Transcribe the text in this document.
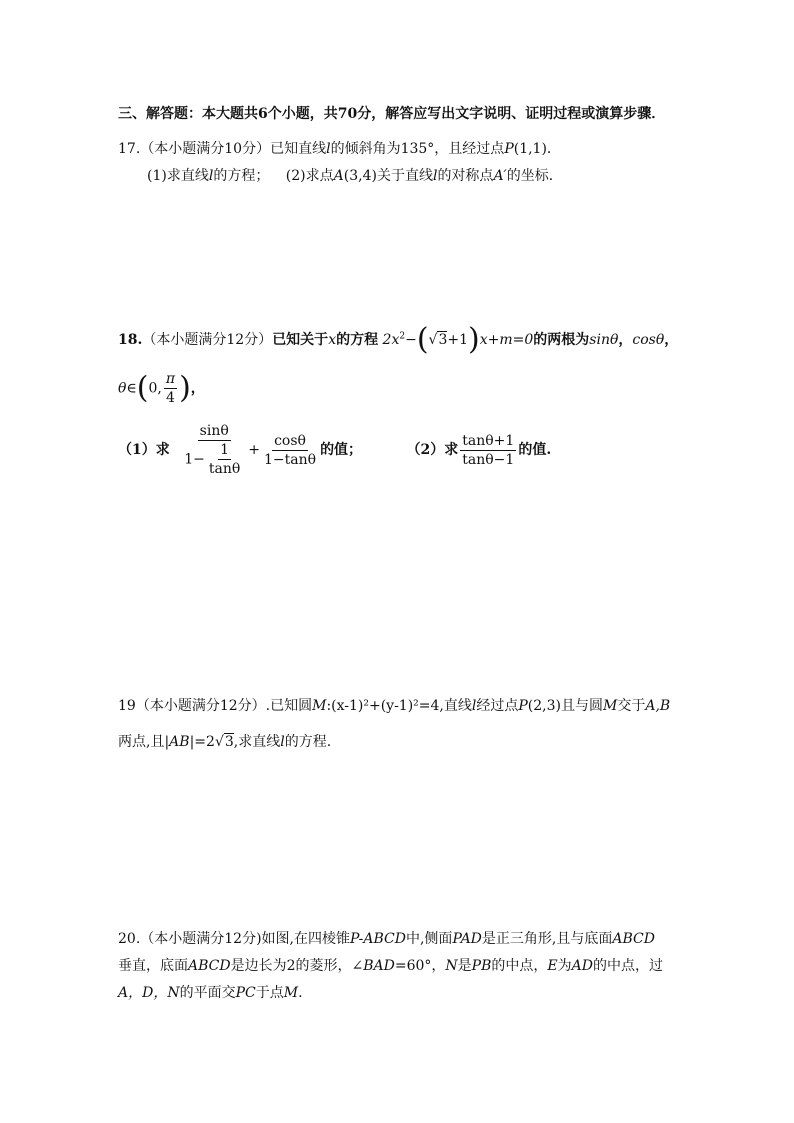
三、解答题：本大题共6个小题，共70分，解答应写出文字说明、证明过程或演算步骤．
17.（本小题满分10分）已知直线l的倾斜角为135°，且经过点P(1,1)．
(1)求直线l的方程； (2)求点A(3,4)关于直线l的对称点A′的坐标．
18.（本小题满分12分）已知关于x的方程 $2x^2-(√3+1)x+m=0$的两根为sinθ，cosθ，
θ∈(0, $\frac{\pi}{4}$ )，
（1）求 $\frac{\sin\theta}{1- \frac{1}{\tan\theta}} + \frac{\cos\theta}{1-\tan\theta}$ 的值；	（2）求 $\frac{\tan\theta+1}{\tan\theta-1}$ 的值.
19（本小题满分12分）.已知圆M:(x-1)²+(y-1)²=4,直线l经过点P(2,3)且与圆M交于A,B
两点,且|AB|=2√3,求直线l的方程.
20.（本小题满分12分)如图,在四棱锥P-ABCD中,侧面PAD是正三角形,且与底面ABCD
垂直，底面ABCD是边长为2的菱形，∠BAD=60°，N是PB的中点，E为AD的中点，过
A，D，N的平面交PC于点M.
